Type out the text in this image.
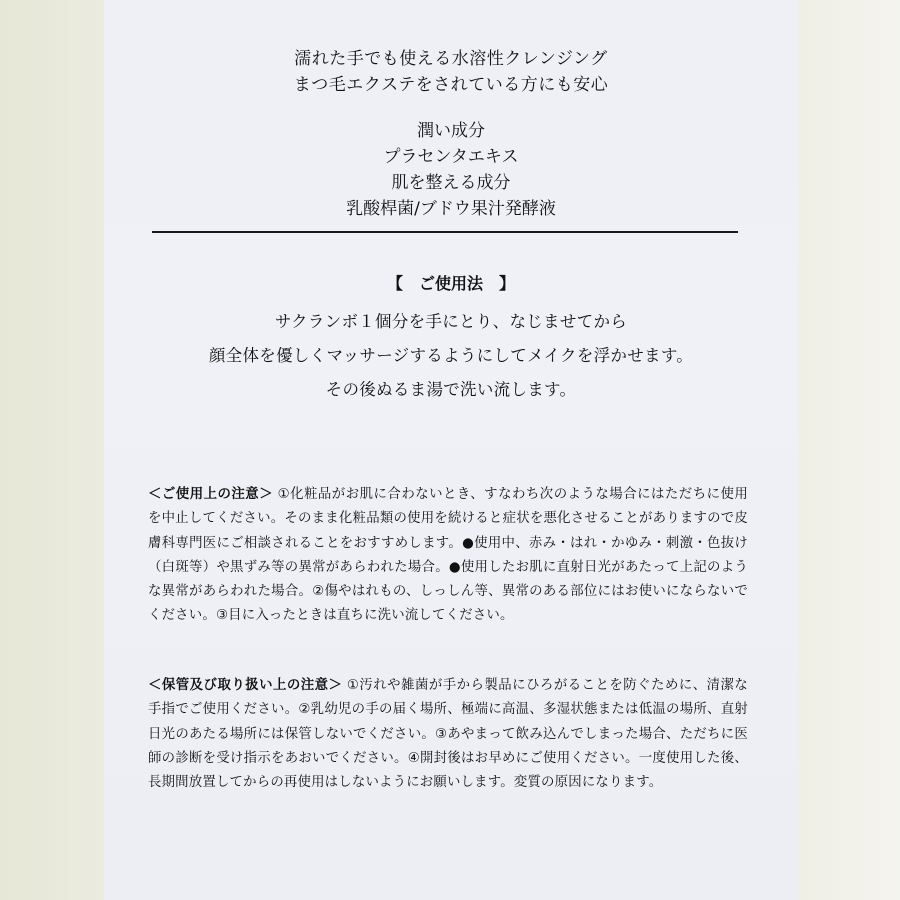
濡れた手でも使える水溶性クレンジング

まつ毛エクステをされている方にも安心

潤い成分

プラセンタエキス

肌を整える成分

乳酸桿菌/ブドウ果汁発酵液

【　ご使用法　】

サクランボ１個分を手にとり、なじませてから

顔全体を優しくマッサージするようにしてメイクを浮かせます。

その後ぬるま湯で洗い流します。

＜ご使用上の注意＞ ①化粧品がお肌に合わないとき、すなわち次のような場合にはただちに使用を中止してください。そのまま化粧品類の使用を続けると症状を悪化させることがありますので皮膚科専門医にご相談されることをおすすめします。●使用中、赤み・はれ・かゆみ・刺激・色抜け（白斑等）や黒ずみ等の異常があらわれた場合。●使用したお肌に直射日光があたって上記のような異常があらわれた場合。②傷やはれもの、しっしん等、異常のある部位にはお使いにならないでください。③目に入ったときは直ちに洗い流してください。
＜保管及び取り扱い上の注意＞ ①汚れや雑菌が手から製品にひろがることを防ぐために、清潔な手指でご使用ください。②乳幼児の手の届く場所、極端に高温、多湿状態または低温の場所、直射日光のあたる場所には保管しないでください。③あやまって飲み込んでしまった場合、ただちに医師の診断を受け指示をあおいでください。④開封後はお早めにご使用ください。一度使用した後、長期間放置してからの再使用はしないようにお願いします。変質の原因になります。
